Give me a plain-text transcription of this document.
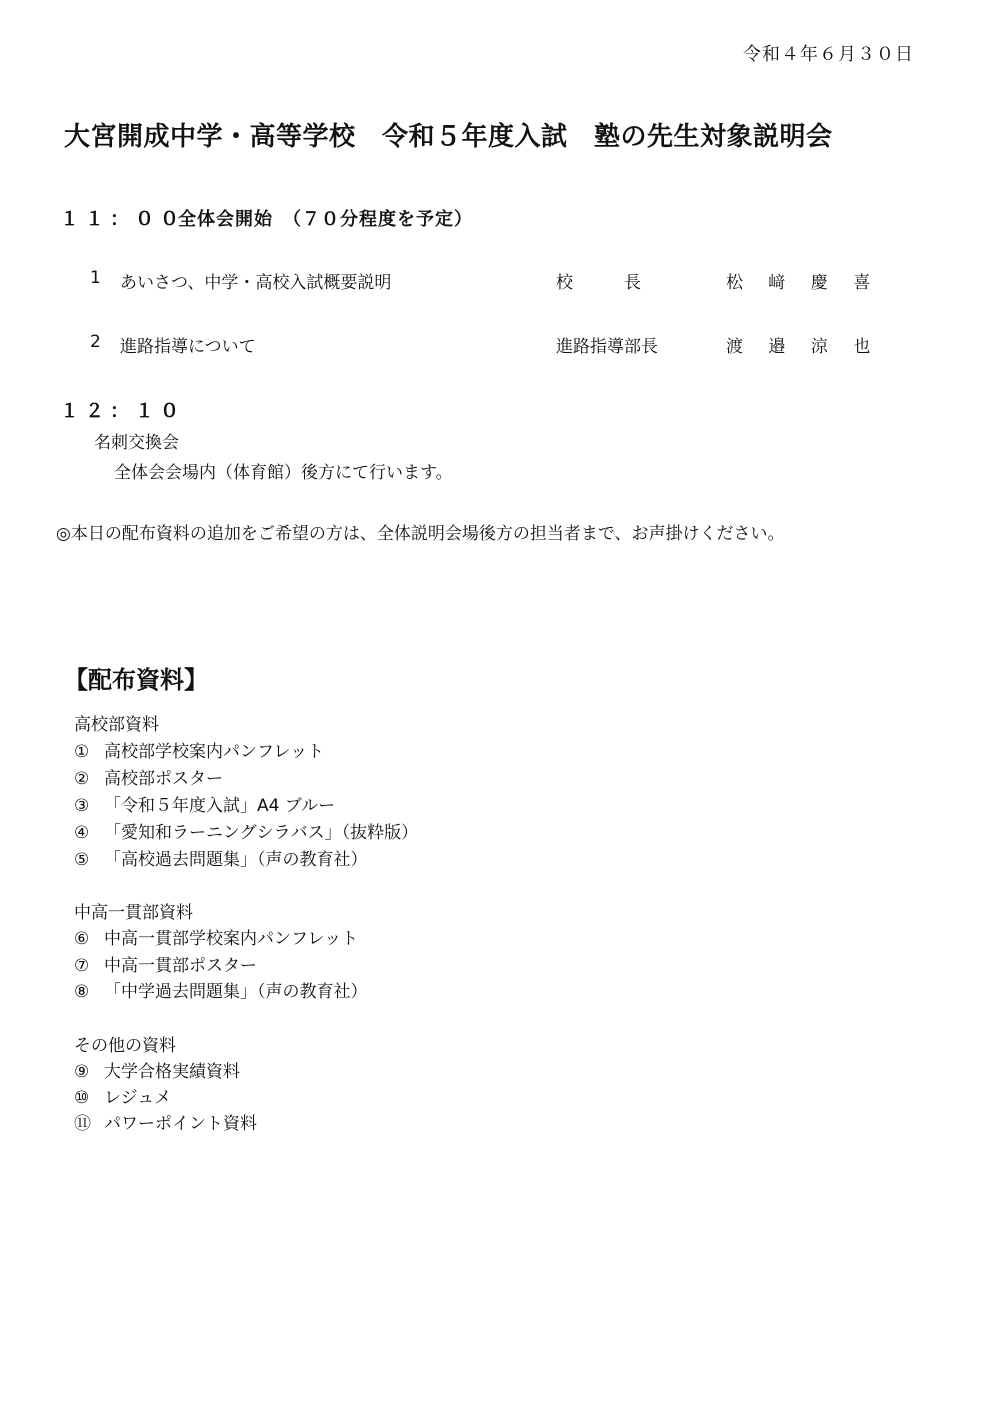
令和４年６月３０日
大宮開成中学・高等学校　令和５年度入試　塾の先生対象説明会
１１：００
全体会開始　（７０分程度を予定）
1	あいさつ、中学・高校入試概要説明	校　　　長	松 﨑 慶 喜
2	進路指導について	進路指導部長	渡 邉 涼 也
１２：１０
名刺交換会
全体会会場内（体育館）後方にて行います。
◎本日の配布資料の追加をご希望の方は、全体説明会場後方の担当者まで、お声掛けください。
【配布資料】
高校部資料
① 高校部学校案内パンフレット
② 高校部ポスター
③ 「令和５年度入試」A4 ブルー
④ 「愛知和ラーニングシラバス」（抜粋版）
⑤ 「高校過去問題集」（声の教育社）
中高一貫部資料
⑥ 中高一貫部学校案内パンフレット
⑦ 中高一貫部ポスター
⑧ 「中学過去問題集」（声の教育社）
その他の資料
⑨ 大学合格実績資料
⑩ レジュメ
⑪ パワーポイント資料
